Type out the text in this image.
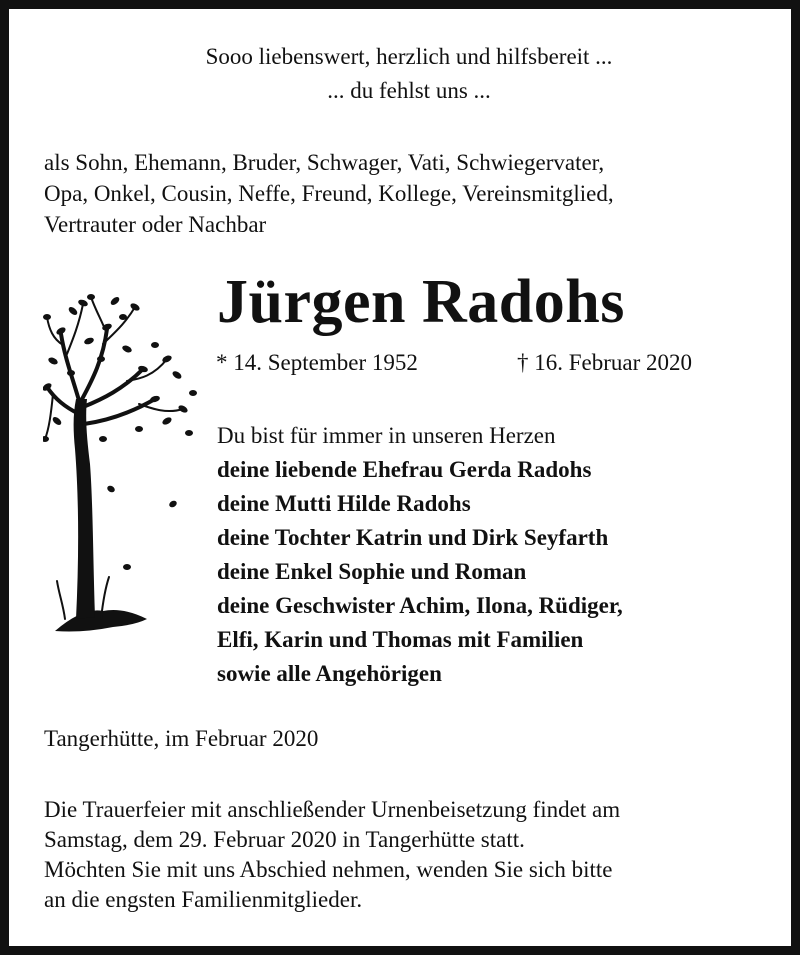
Sooo liebenswert, herzlich und hilfsbereit ...
... du fehlst uns ...
als Sohn, Ehemann, Bruder, Schwager, Vati, Schwiegervater,
Opa, Onkel, Cousin, Neffe, Freund, Kollege, Vereinsmitglied,
Vertrauter oder Nachbar
Jürgen Radohs
* 14. September 1952	† 16. Februar 2020
Du bist für immer in unseren Herzen
deine liebende Ehefrau Gerda Radohs
deine Mutti Hilde Radohs
deine Tochter Katrin und Dirk Seyfarth
deine Enkel Sophie und Roman
deine Geschwister Achim, Ilona, Rüdiger,
Elfi, Karin und Thomas mit Familien
sowie alle Angehörigen
Tangerhütte, im Februar 2020
Die Trauerfeier mit anschließender Urnenbeisetzung findet am
Samstag, dem 29. Februar 2020 in Tangerhütte statt.
Möchten Sie mit uns Abschied nehmen, wenden Sie sich bitte
an die engsten Familienmitglieder.
